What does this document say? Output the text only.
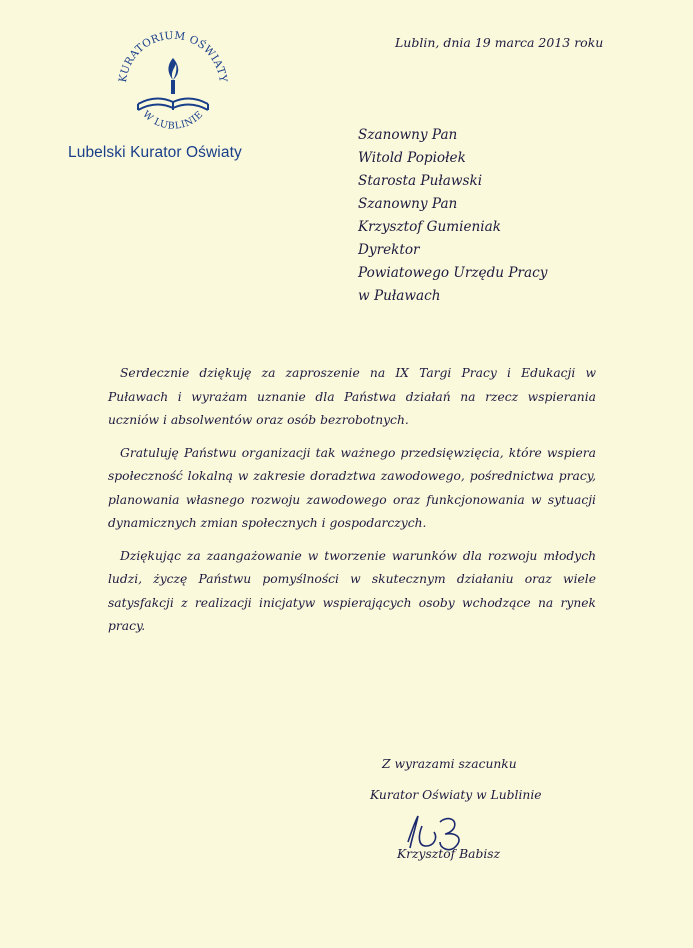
KURATORIUM OŚWIATY
W LUBLINIE
Lubelski Kurator Oświaty
Lublin, dnia 19 marca 2013 roku
Szanowny Pan
Witold Popiołek
Starosta Puławski
Szanowny Pan
Krzysztof Gumieniak
Dyrektor
Powiatowego Urzędu Pracy
w Puławach

Serdecznie dziękuję za zaproszenie na IX Targi Pracy i Edukacji w Puławach i wyrażam uznanie dla Państwa działań na rzecz wspierania uczniów i absolwentów oraz osób bezrobotnych.

Gratuluję Państwu organizacji tak ważnego przedsięwzięcia, które wspiera społeczność lokalną w zakresie doradztwa zawodowego, pośrednictwa pracy, planowania własnego rozwoju zawodowego oraz funkcjonowania w sytuacji dynamicznych zmian społecznych i gospodarczych.

Dziękując za zaangażowanie w tworzenie warunków dla rozwoju młodych ludzi, życzę Państwu pomyślności w skutecznym działaniu oraz wiele satysfakcji z realizacji inicjatyw wspierających osoby wchodzące na rynek pracy.

Z wyrazami szacunku
Kurator Oświaty w Lublinie
Krzysztof Babisz
